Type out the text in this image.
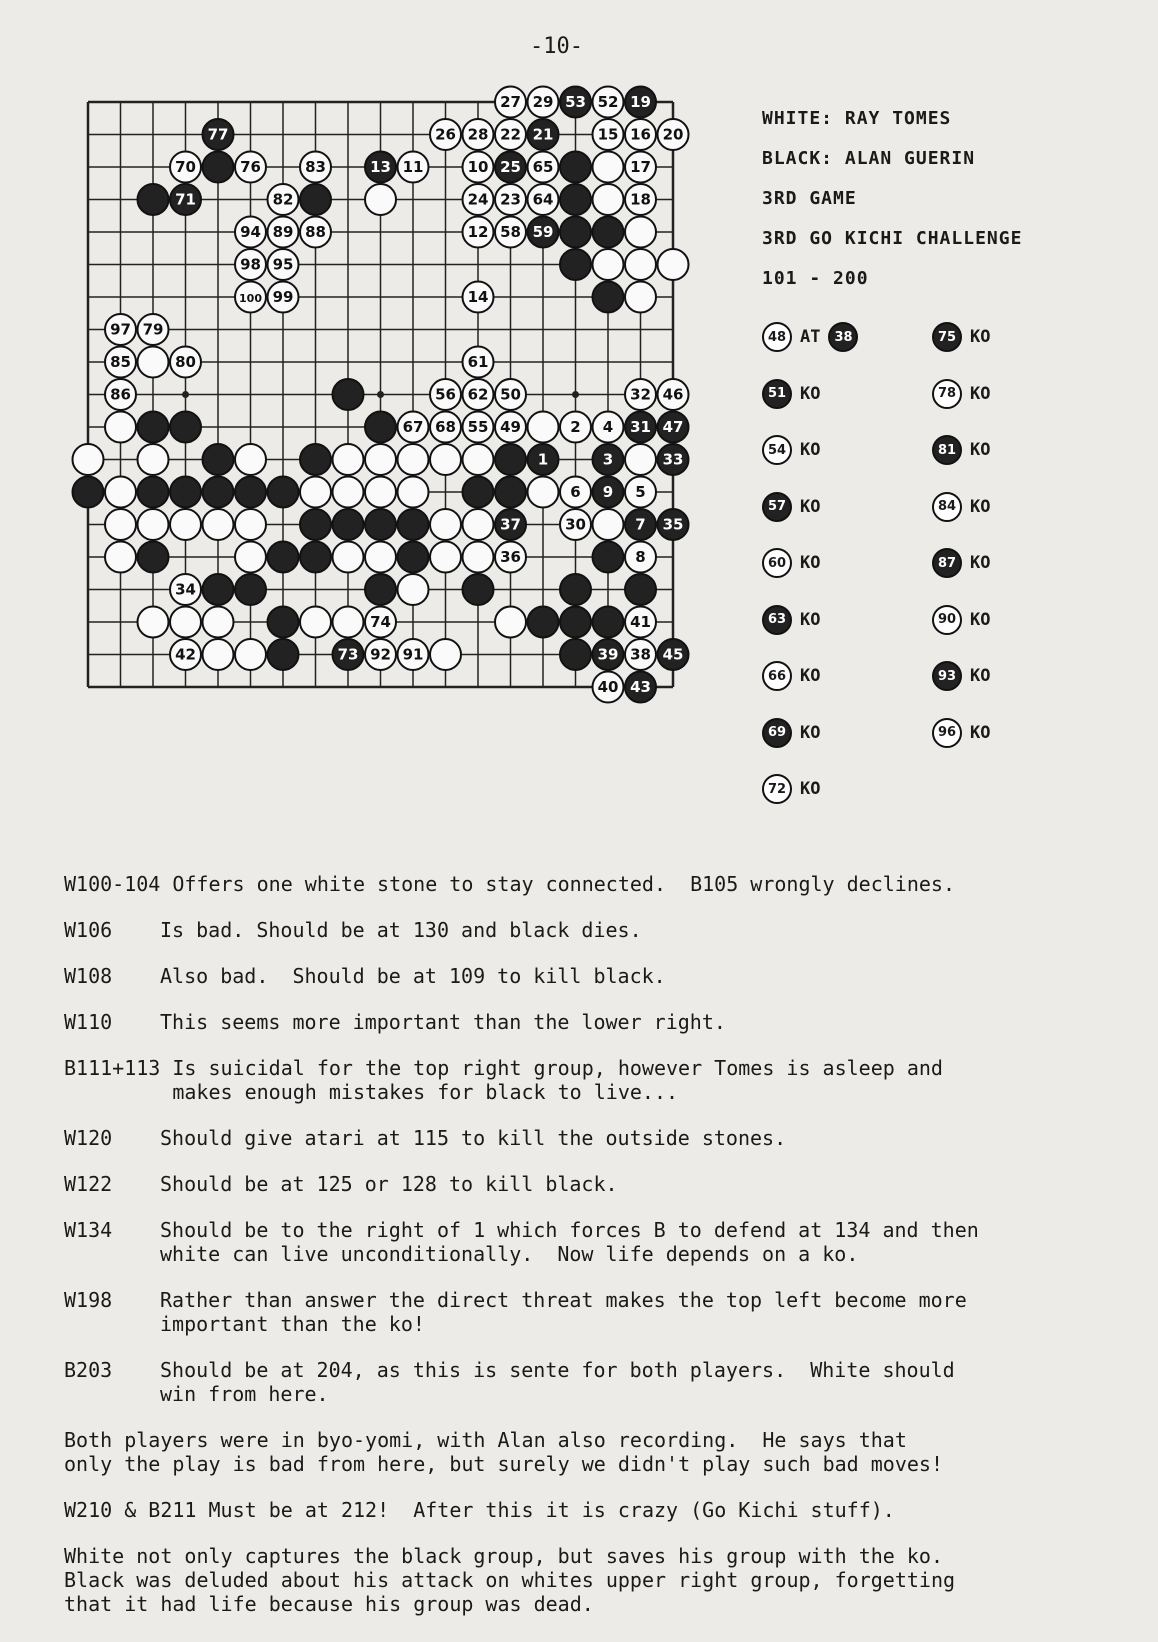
-10-
27 29 53 52 19
77	26 28 22 21	15 16 20
70	76	83	13 11	10 25 65	17
71	82	24 23 64	18
94 89 88	12 58 59
98 95
100 99	14
97 79
85	80	61
86	56 62 50	32 46
67 68 55 49	2 4 31 47
1	3	33
6 9 5
37	30	7 35
36	8
34
74	41
42	73 92 91	39 38 45
40 43
WHITE: RAY TOMES
BLACK: ALAN GUERIN
3RD GAME
3RD GO KICHI CHALLENGE
101 - 200
48 AT	38
51 KO
54 KO
57 KO
60 KO
63 KO
66 KO
69 KO
72 KO
75 KO
78 KO
81 KO
84 KO
87 KO
90 KO
93 KO
96 KO
W100-104 Offers one white stone to stay connected.  B105 wrongly declines.
W106	Is bad. Should be at 130 and black dies.
W108	Also bad.  Should be at 109 to kill black.
W110	This seems more important than the lower right.
B111+113 Is suicidal for the top right group, however Tomes is asleep and
makes enough mistakes for black to live...
W120	Should give atari at 115 to kill the outside stones.
W122	Should be at 125 or 128 to kill black.
W134	Should be to the right of 1 which forces B to defend at 134 and then
white can live unconditionally.  Now life depends on a ko.
W198	Rather than answer the direct threat makes the top left become more
important than the ko!
B203	Should be at 204, as this is sente for both players.  White should
win from here.
Both players were in byo-yomi, with Alan also recording.  He says that
only the play is bad from here, but surely we didn't play such bad moves!
W210 & B211 Must be at 212!  After this it is crazy (Go Kichi stuff).
White not only captures the black group, but saves his group with the ko.
Black was deluded about his attack on whites upper right group, forgetting
that it had life because his group was dead.
